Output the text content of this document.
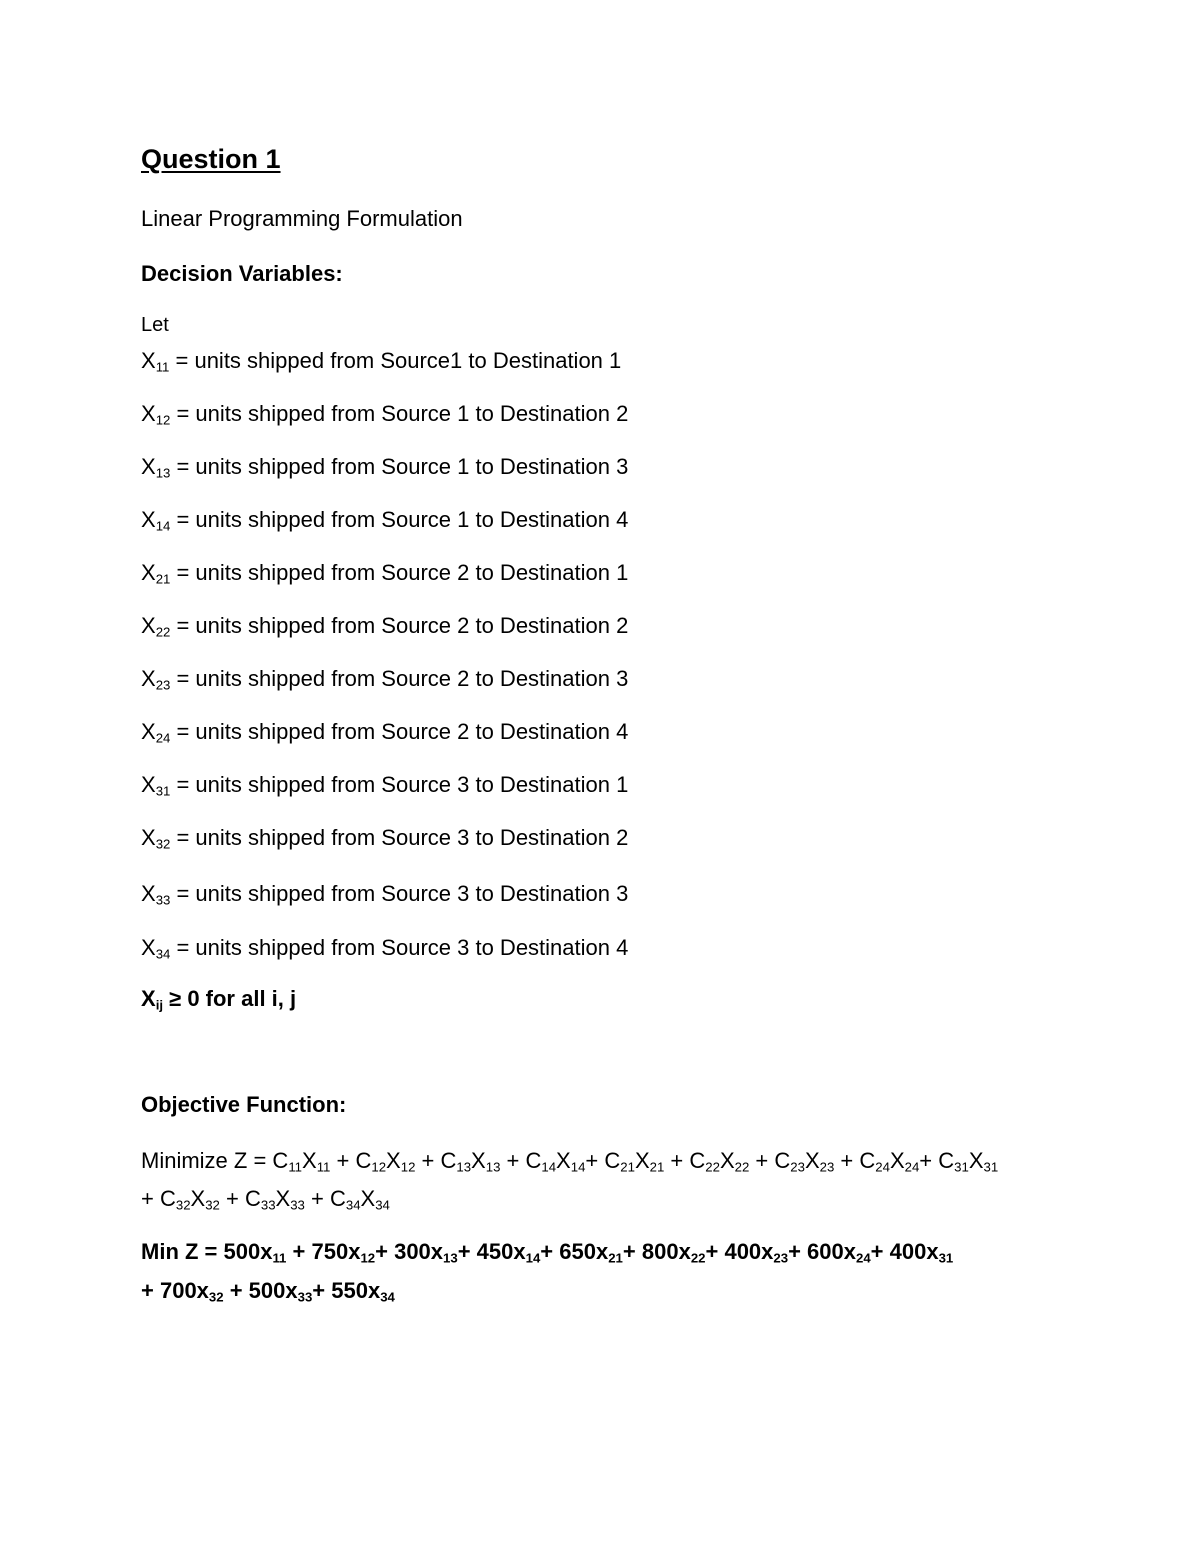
Question 1
Linear Programming Formulation
Decision Variables:
Let
$X_{11}$ = units shipped from Source1 to Destination 1
$X_{12}$ = units shipped from Source 1 to Destination 2
$X_{13}$ = units shipped from Source 1 to Destination 3
$X_{14}$ = units shipped from Source 1 to Destination 4
$X_{21}$ = units shipped from Source 2 to Destination 1
$X_{22}$ = units shipped from Source 2 to Destination 2
$X_{23}$ = units shipped from Source 2 to Destination 3
$X_{24}$ = units shipped from Source 2 to Destination 4
$X_{31}$ = units shipped from Source 3 to Destination 1
$X_{32}$ = units shipped from Source 3 to Destination 2
$X_{33}$ = units shipped from Source 3 to Destination 3
$X_{34}$ = units shipped from Source 3 to Destination 4
$X_{ij} \ge 0$ for all i, j
Objective Function:
Minimize $Z = C_{11}X_{11} + C_{12}X_{12} + C_{13}X_{13} + C_{14}X_{14}+ C_{21}X_{21} + C_{22}X_{22} + C_{23}X_{23} + C_{24}X_{24}+ C_{31}X_{31}$
+ $C_{32}X_{32} + C_{33}X_{33} + C_{34}X_{34}$
Min $Z = 500x_{11} + 750x_{12}+ 300x_{13}+ 450x_{14}+ 650x_{21}+ 800x_{22}+ 400x_{23}+ 600x_{24}+ 400x_{31}$
+ $700x_{32} + 500x_{33}+ 550x_{34}$
